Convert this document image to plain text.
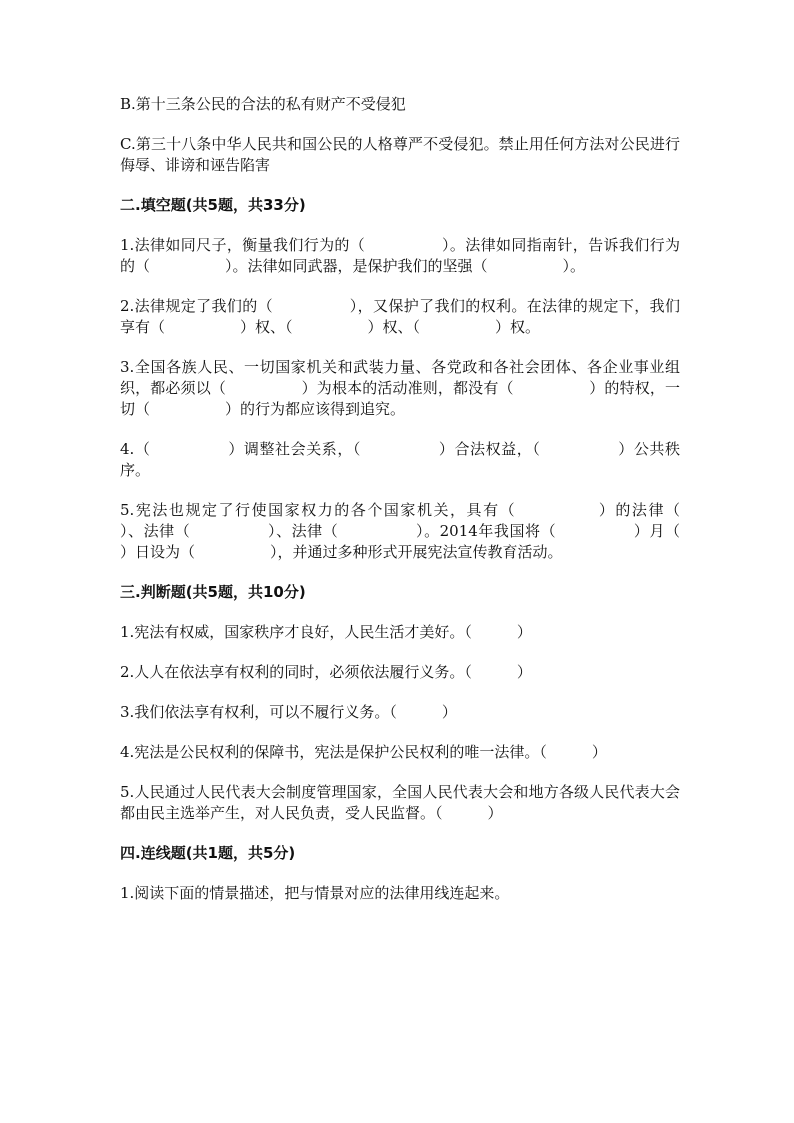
B.第十三条公民的合法的私有财产不受侵犯

C.第三十八条中华人民共和国公民的人格尊严不受侵犯。禁止用任何方法对公民进行侮辱、诽谤和诬告陷害

二.填空题(共5题，共33分)

1.法律如同尺子，衡量我们行为的（　　　　　）。法律如同指南针，告诉我们行为的（　　　　　）。法律如同武器，是保护我们的坚强（　　　　　）。

2.法律规定了我们的（　　　　　），又保护了我们的权利。在法律的规定下，我们享有（　　　　　）权、（　　　　　）权、（　　　　　）权。

3.全国各族人民、一切国家机关和武装力量、各党政和各社会团体、各企业事业组织，都必须以（　　　　　）为根本的活动准则，都没有（　　　　　）的特权，一切（　　　　　）的行为都应该得到追究。

4.（　　　　　）调整社会关系，（　　　　　）合法权益，（　　　　　）公共秩序。

5.宪法也规定了行使国家权力的各个国家机关，具有（　　　　　）的法律（　　　　　）、法律（　　　　　）、法律（　　　　　）。2014年我国将（　　　　　）月（　　　　　）日设为（　　　　　），并通过多种形式开展宪法宣传教育活动。

三.判断题(共5题，共10分)

1.宪法有权威，国家秩序才良好，人民生活才美好。（　　　）

2.人人在依法享有权利的同时，必须依法履行义务。（　　　）

3.我们依法享有权利，可以不履行义务。（　　　）

4.宪法是公民权利的保障书，宪法是保护公民权利的唯一法律。（　　　）

5.人民通过人民代表大会制度管理国家，全国人民代表大会和地方各级人民代表大会都由民主选举产生，对人民负责，受人民监督。（　　　）

四.连线题(共1题，共5分)

1.阅读下面的情景描述，把与情景对应的法律用线连起来。
